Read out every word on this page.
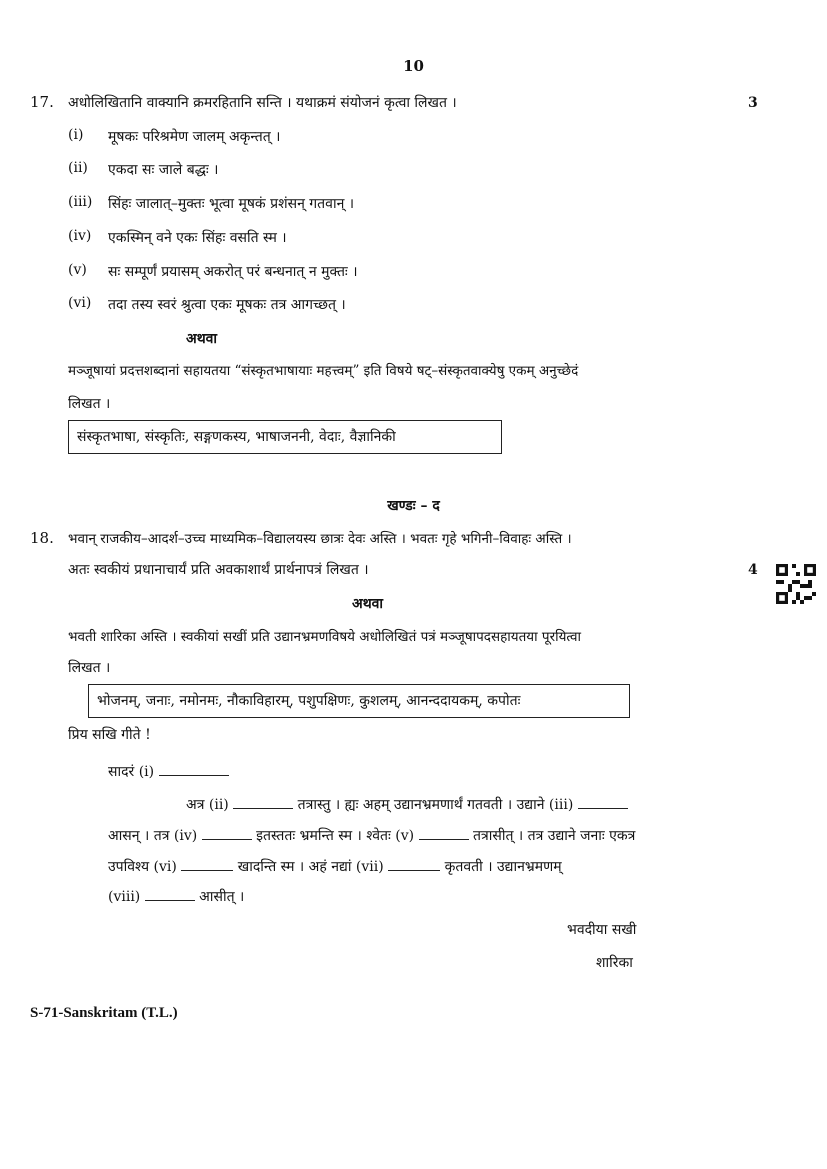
10
17. अधोलिखितानि वाक्यानि क्रमरहितानि सन्ति । यथाक्रमं संयोजनं कृत्वा लिखत ।	3
(i) मूषकः परिश्रमेण जालम् अकृन्तत् ।
(ii) एकदा सः जाले बद्धः ।
(iii) सिंहः जालात्–मुक्तः भूत्वा मूषकं प्रशंसन् गतवान् ।
(iv) एकस्मिन् वने एकः सिंहः वसति स्म ।
(v) सः सम्पूर्णं प्रयासम् अकरोत् परं बन्धनात् न मुक्तः ।
(vi) तदा तस्य स्वरं श्रुत्वा एकः मूषकः तत्र आगच्छत् ।
अथवा
मञ्जूषायां प्रदत्तशब्दानां सहायतया “संस्कृतभाषायाः महत्त्वम्” इति विषये षट्–संस्कृतवाक्येषु एकम् अनुच्छेदं
लिखत ।
संस्कृतभाषा, संस्कृतिः, सङ्गणकस्य, भाषाजननी, वेदाः, वैज्ञानिकी
खण्डः – द
18. भवान् राजकीय–आदर्श–उच्च माध्यमिक–विद्यालयस्य छात्रः देवः अस्ति । भवतः गृहे भगिनी–विवाहः अस्ति ।
अतः स्वकीयं प्रधानाचार्यं प्रति अवकाशार्थं प्रार्थनापत्रं लिखत ।	4
अथवा
भवती शारिका अस्ति । स्वकीयां सखीं प्रति उद्यानभ्रमणविषये अधोलिखितं पत्रं मञ्जूषापदसहायतया पूरयित्वा
लिखत ।
भोजनम्, जनाः, नमोनमः, नौकाविहारम्, पशुपक्षिणः, कुशलम्, आनन्ददायकम्, कपोतः
प्रिय सखि गीते !
सादरं (i)
अत्र (ii)	तत्रास्तु । ह्यः अहम् उद्यानभ्रमणार्थं गतवती । उद्याने (iii)
आसन् । तत्र (iv)	इतस्ततः भ्रमन्ति स्म । श्वेतः (v)	तत्रासीत् । तत्र उद्याने जनाः एकत्र
उपविश्य (vi)	खादन्ति स्म । अहं नद्यां (vii)	कृतवती । उद्यानभ्रमणम्
(viii)	आसीत् ।
भवदीया सखी
शारिका
S-71-Sanskritam (T.L.)
